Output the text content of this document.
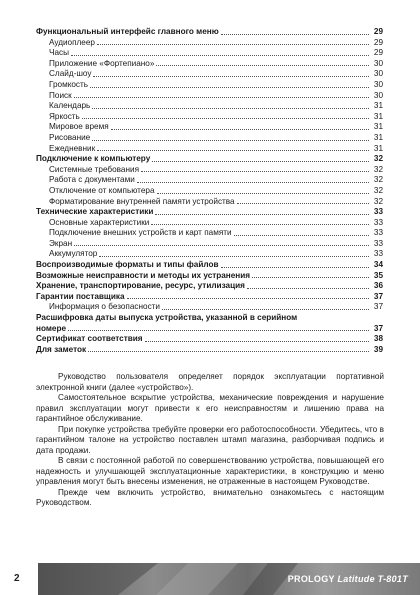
Функциональный интерфейс главного меню	29
Аудиоплеер	29
Часы	29
Приложение «Фортепиано»	30
Слайд-шоу	30
Громкость	30
Поиск	30
Календарь	31
Яркость	31
Мировое время	31
Рисование	31
Ежедневник	31
Подключение к компьютеру	32
Системные требования	32
Работа с документами	32
Отключение от компьютера	32
Форматирование внутренней памяти устройства	32
Технические характеристики	33
Основные характеристики	33
Подключение внешних устройств и карт памяти	33
Экран	33
Аккумулятор	33
Воспроизводимые форматы и типы файлов	34
Возможные неисправности и методы их устранения	35
Хранение, транспортирование, ресурс, утилизация	36
Гарантии поставщика	37
Информация о безопасности	37
Расшифровка даты выпуска устройства, указанной в серийном
номере	37
Сертификат соответствия	38
Для заметок	39

Руководство пользователя определяет порядок эксплуатации портативной электронной книги (далее «устройство»).

Самостоятельное вскрытие устройства, механические повреждения и нарушение правил эксплуатации могут привести к его неисправностям и лишению права на гарантийное обслуживание.

При покупке устройства требуйте проверки его работоспособности. Убедитесь, что в гарантийном талоне на устройство поставлен штамп магазина, разборчивая подпись и дата продажи.

В связи с постоянной работой по совершенствованию устройства, повышающей его надежность и улучшающей эксплуатационные характеристики, в конструкцию и меню управления могут быть внесены изменения, не отраженные в настоящем Руководстве.

Прежде чем включить устройство, внимательно ознакомьтесь с настоящим Руководством.

2	PROLOGY Latitude T-801T
